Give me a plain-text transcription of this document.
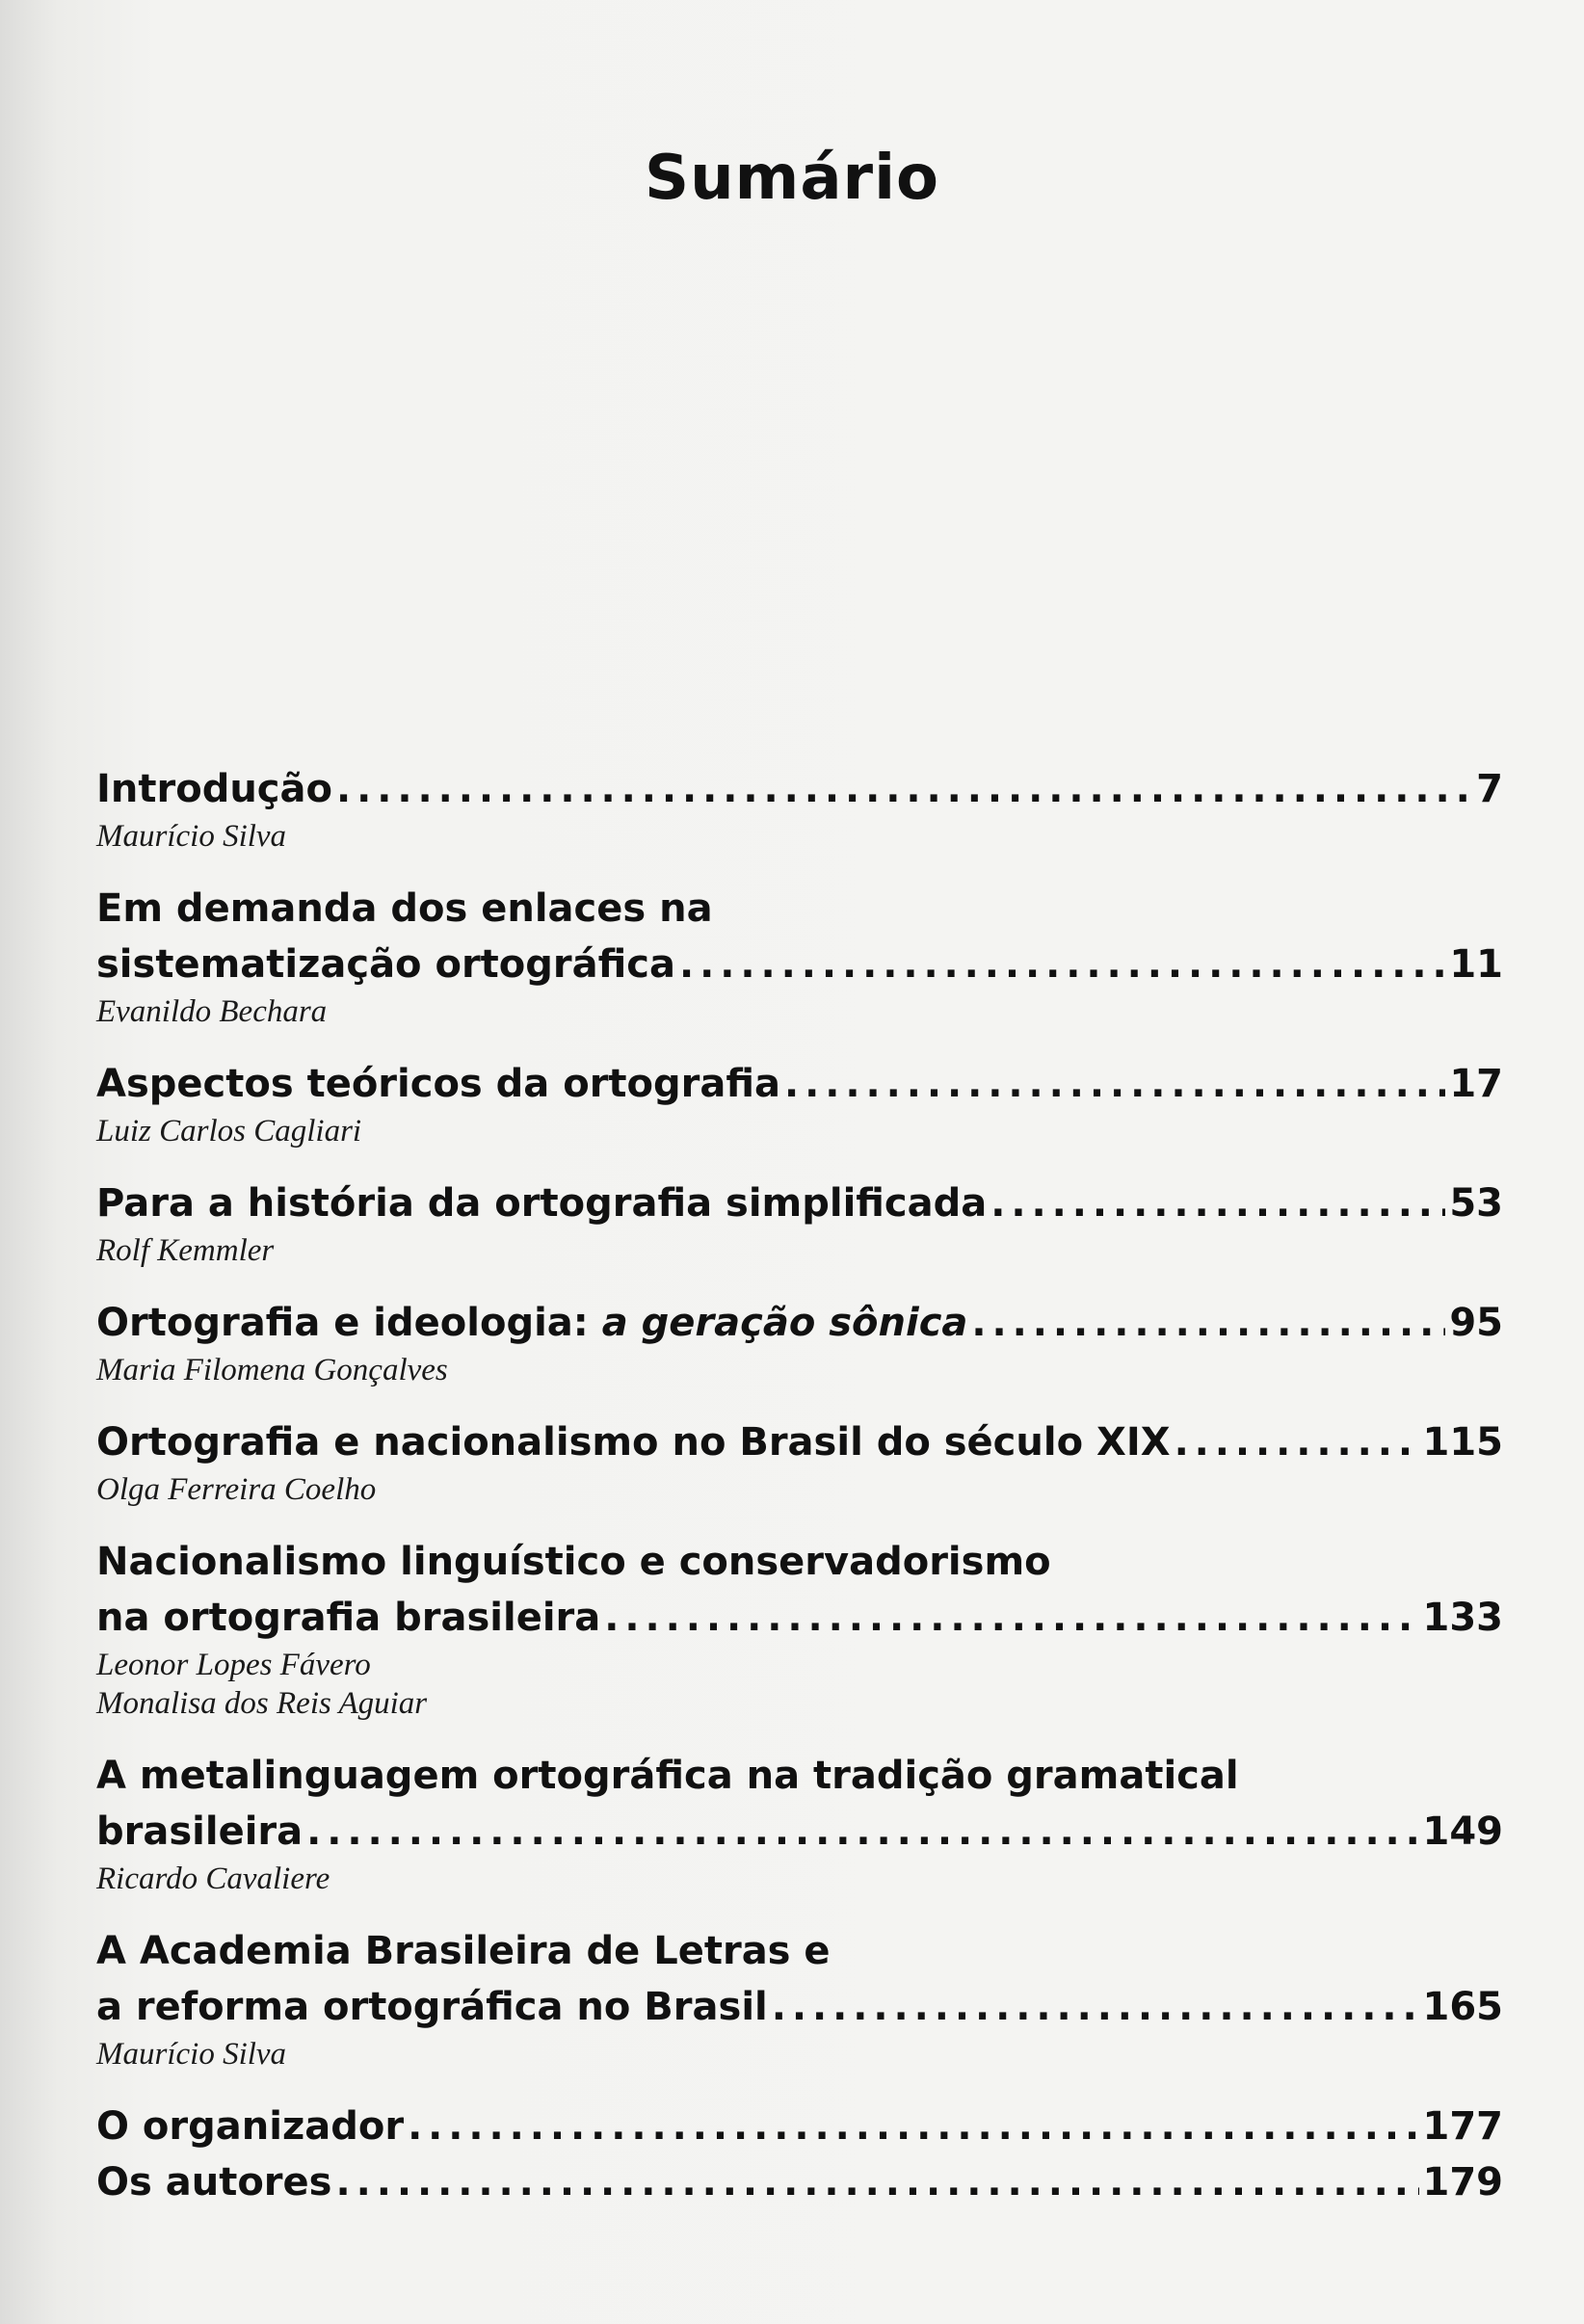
Sumário
Introdução . . .	7
Maurício Silva
Em demanda dos enlaces na
sistematização ortográfica . . .	11
Evanildo Bechara
Aspectos teóricos da ortografia . . .	17
Luiz Carlos Cagliari
Para a história da ortografia simplificada . . .	53
Rolf Kemmler
Ortografia e ideologia: a geração sônica . . .	95
Maria Filomena Gonçalves
Ortografia e nacionalismo no Brasil do século XIX . . .	115
Olga Ferreira Coelho
Nacionalismo linguístico e conservadorismo
na ortografia brasileira . . .	133
Leonor Lopes Fávero
Monalisa dos Reis Aguiar
A metalinguagem ortográfica na tradição gramatical
brasileira . . .	149
Ricardo Cavaliere
A Academia Brasileira de Letras e
a reforma ortográfica no Brasil . . .	165
Maurício Silva
O organizador . . .	177
Os autores . . .	179
